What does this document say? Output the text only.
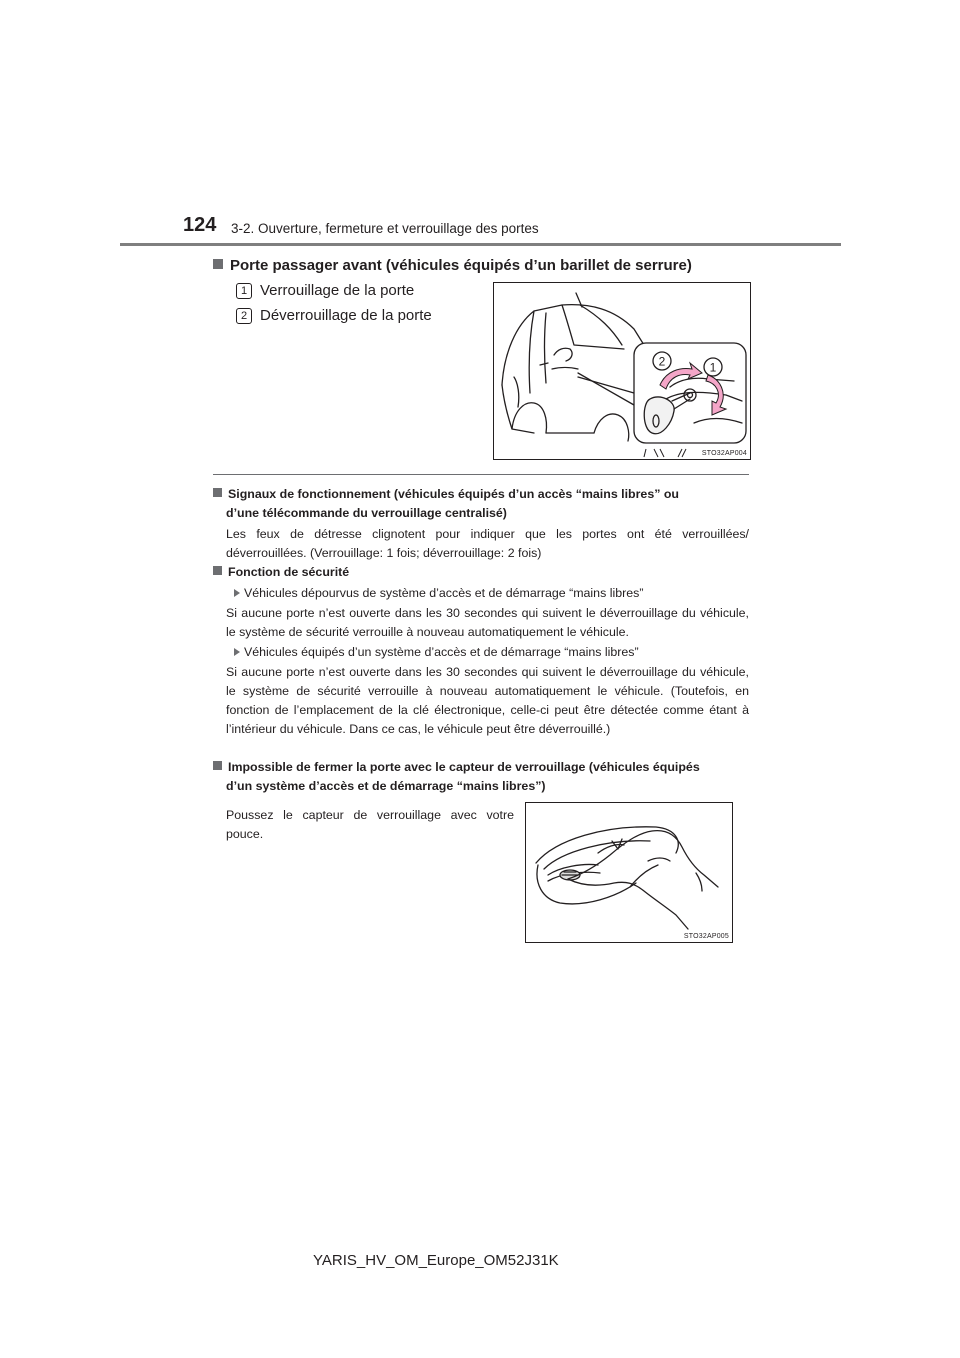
124 3-2. Ouverture, fermeture et verrouillage des portes
Porte passager avant (véhicules équipés d’un barillet de serrure)
1 Verrouillage de la porte
2 Déverrouillage de la porte
2	1
STO32AP004
Signaux de fonctionnement (véhicules équipés d’un accès “mains libres” ou
d’une télécommande du verrouillage centralisé)
Les feux de détresse clignotent pour indiquer que les portes ont été verrouillées/ déverrouillées. (Verrouillage: 1 fois; déverrouillage: 2 fois)
Fonction de sécurité
Véhicules dépourvus de système d’accès et de démarrage “mains libres”
Si aucune porte n’est ouverte dans les 30 secondes qui suivent le déverrouillage du véhicule, le système de sécurité verrouille à nouveau automatiquement le véhicule.
Véhicules équipés d’un système d’accès et de démarrage “mains libres”
Si aucune porte n’est ouverte dans les 30 secondes qui suivent le déverrouillage du véhicule, le système de sécurité verrouille à nouveau automatiquement le véhicule. (Toutefois, en fonction de l’emplacement de la clé électronique, celle-ci peut être détectée comme étant à l’intérieur du véhicule. Dans ce cas, le véhicule peut être déverrouillé.)
Impossible de fermer la porte avec le capteur de verrouillage (véhicules équipés
d’un système d’accès et de démarrage “mains libres”)
Poussez le capteur de verrouillage avec votre pouce.
STO32AP005
YARIS_HV_OM_Europe_OM52J31K
